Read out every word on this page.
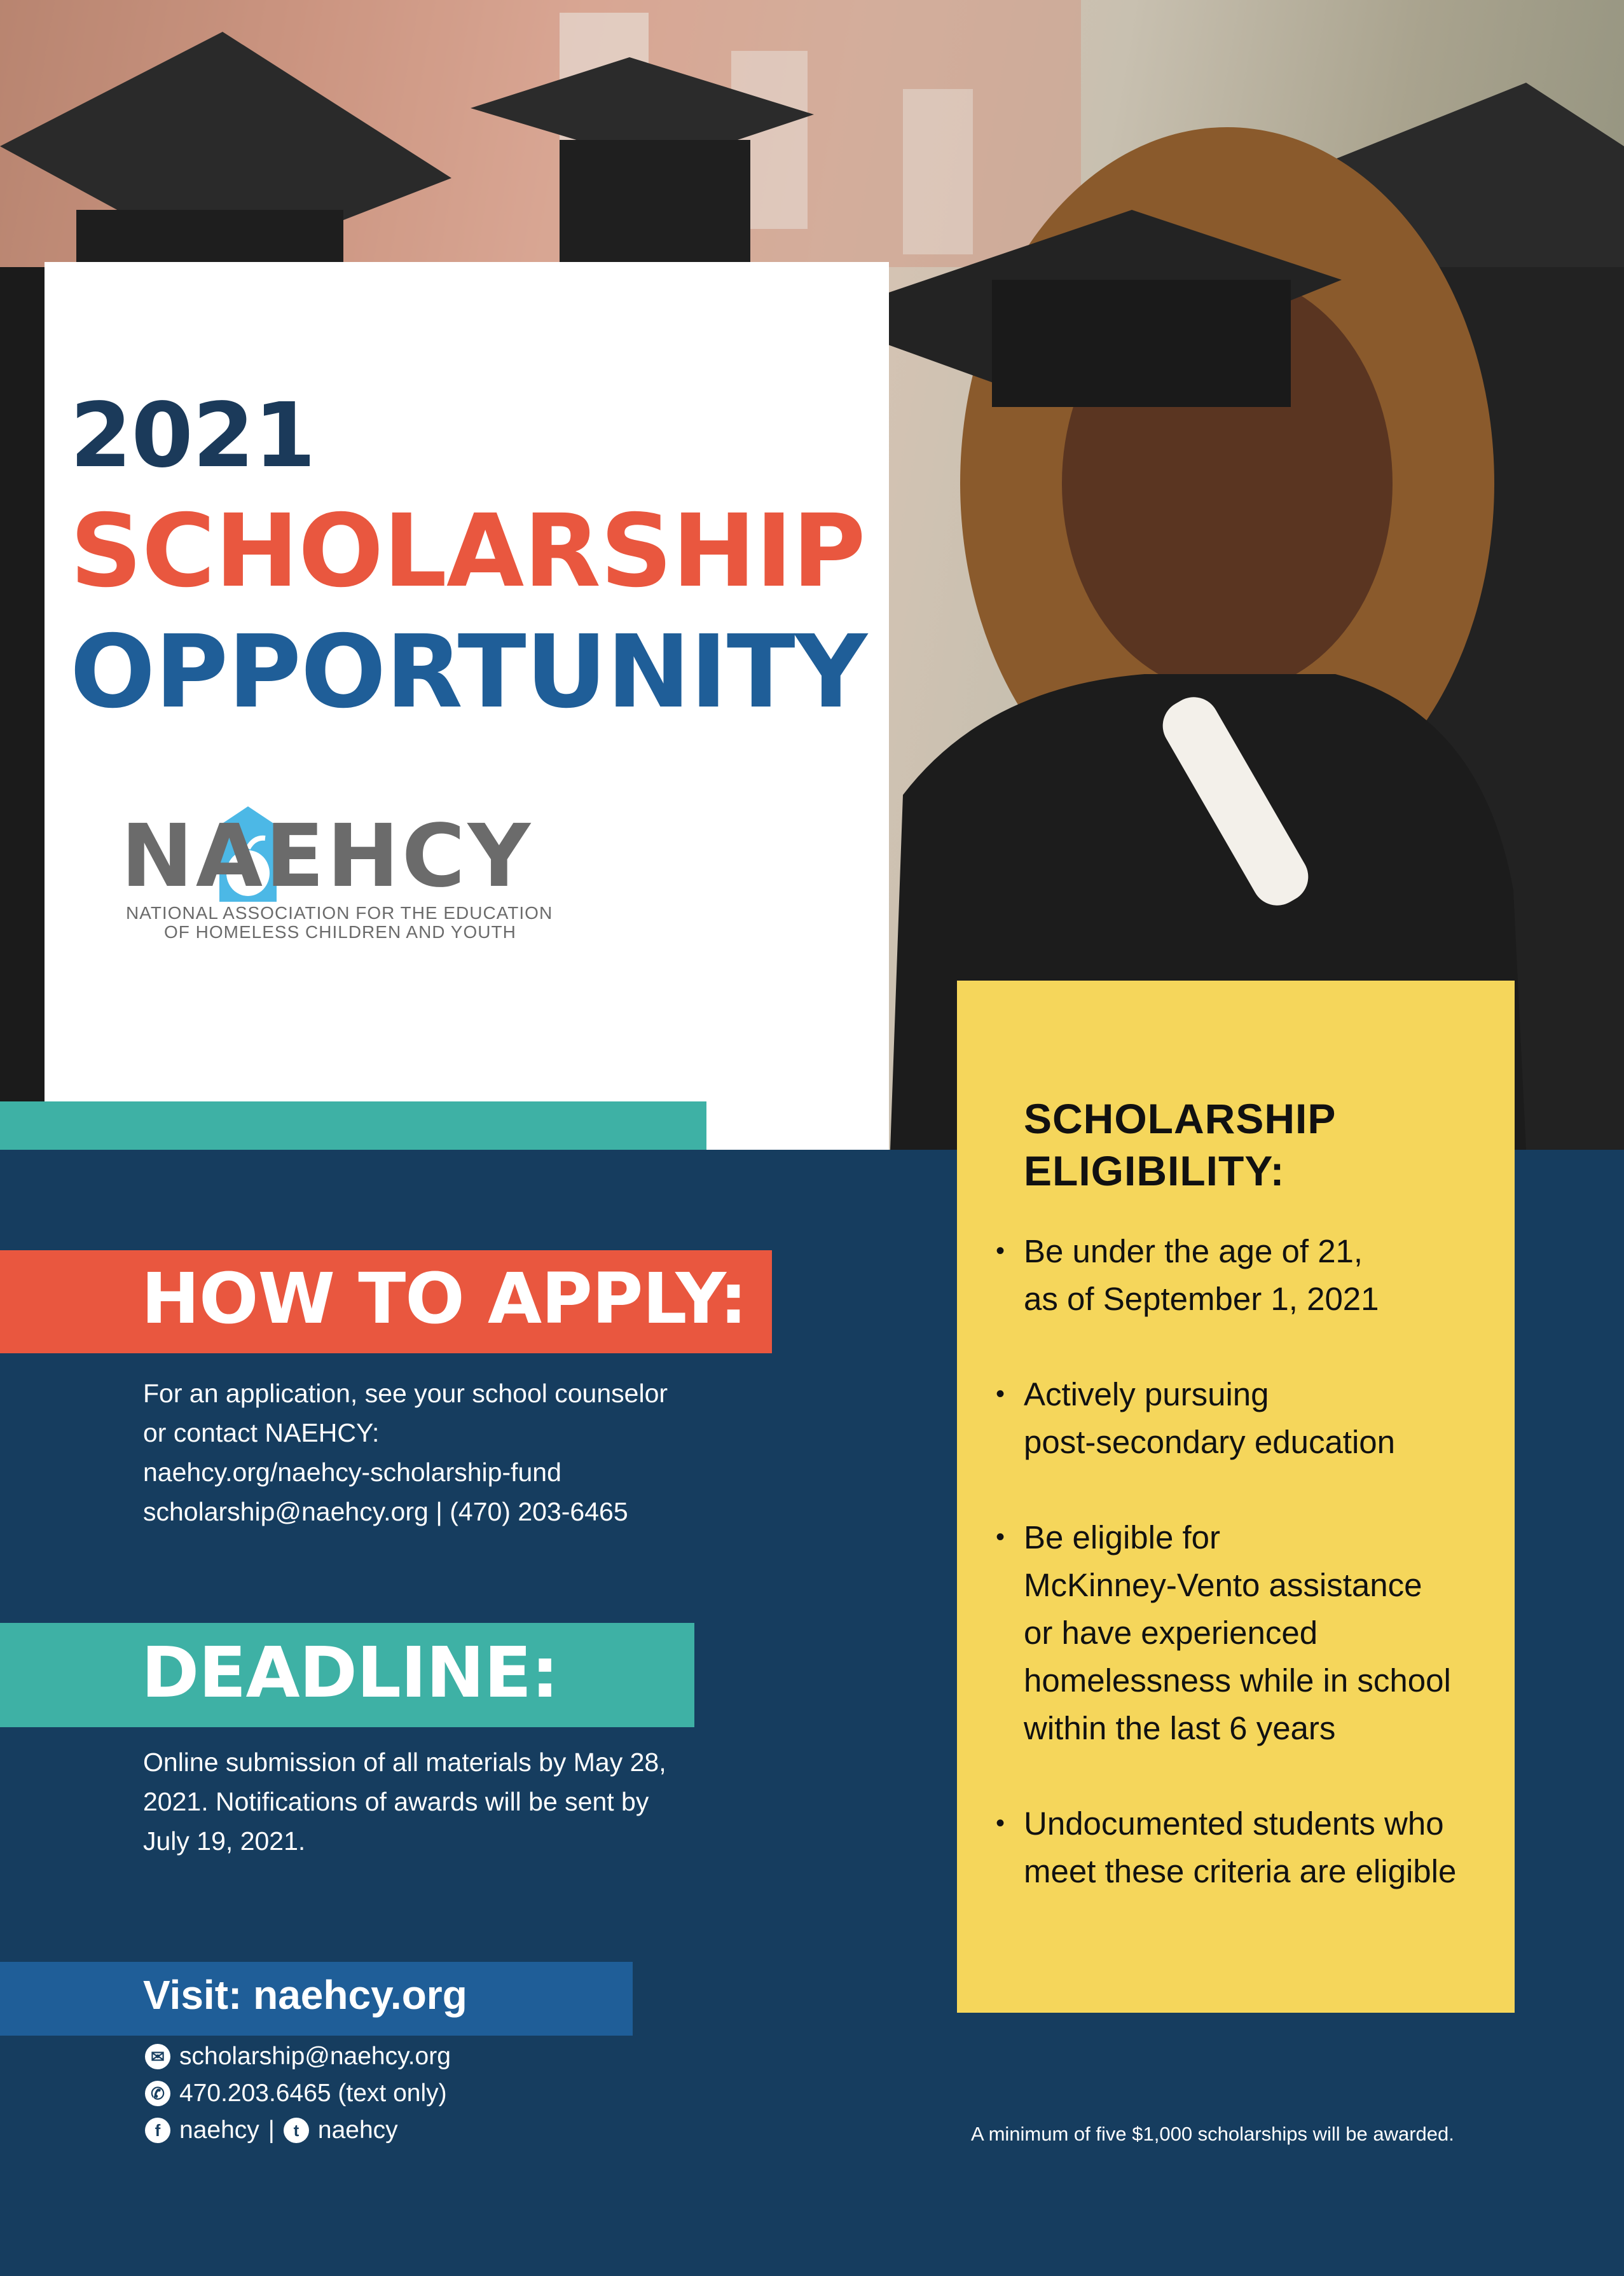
2021
SCHOLARSHIP
OPPORTUNITY
NAEHCY
NATIONAL ASSOCIATION FOR THE EDUCATION
OF HOMELESS CHILDREN AND YOUTH
SCHOLARSHIP
ELIGIBILITY:
• Be under the age of 21,
as of September 1, 2021
• Actively pursuing
post-secondary education
• Be eligible for
McKinney-Vento assistance
or have experienced
homelessness while in school
within the last 6 years
• Undocumented students who
meet these criteria are eligible
HOW TO APPLY:
For an application, see your school counselor
or contact NAEHCY:
naehcy.org/naehcy-scholarship-fund
scholarship@naehcy.org | (470) 203-6465
DEADLINE:
Online submission of all materials by May 28,
2021. Notifications of awards will be sent by
July 19, 2021.
Visit: naehcy.org
✉ scholarship@naehcy.org
✆ 470.203.6465 (text only)
f naehcy |	t naehcy	A minimum of five $1,000 scholarships will be awarded.
